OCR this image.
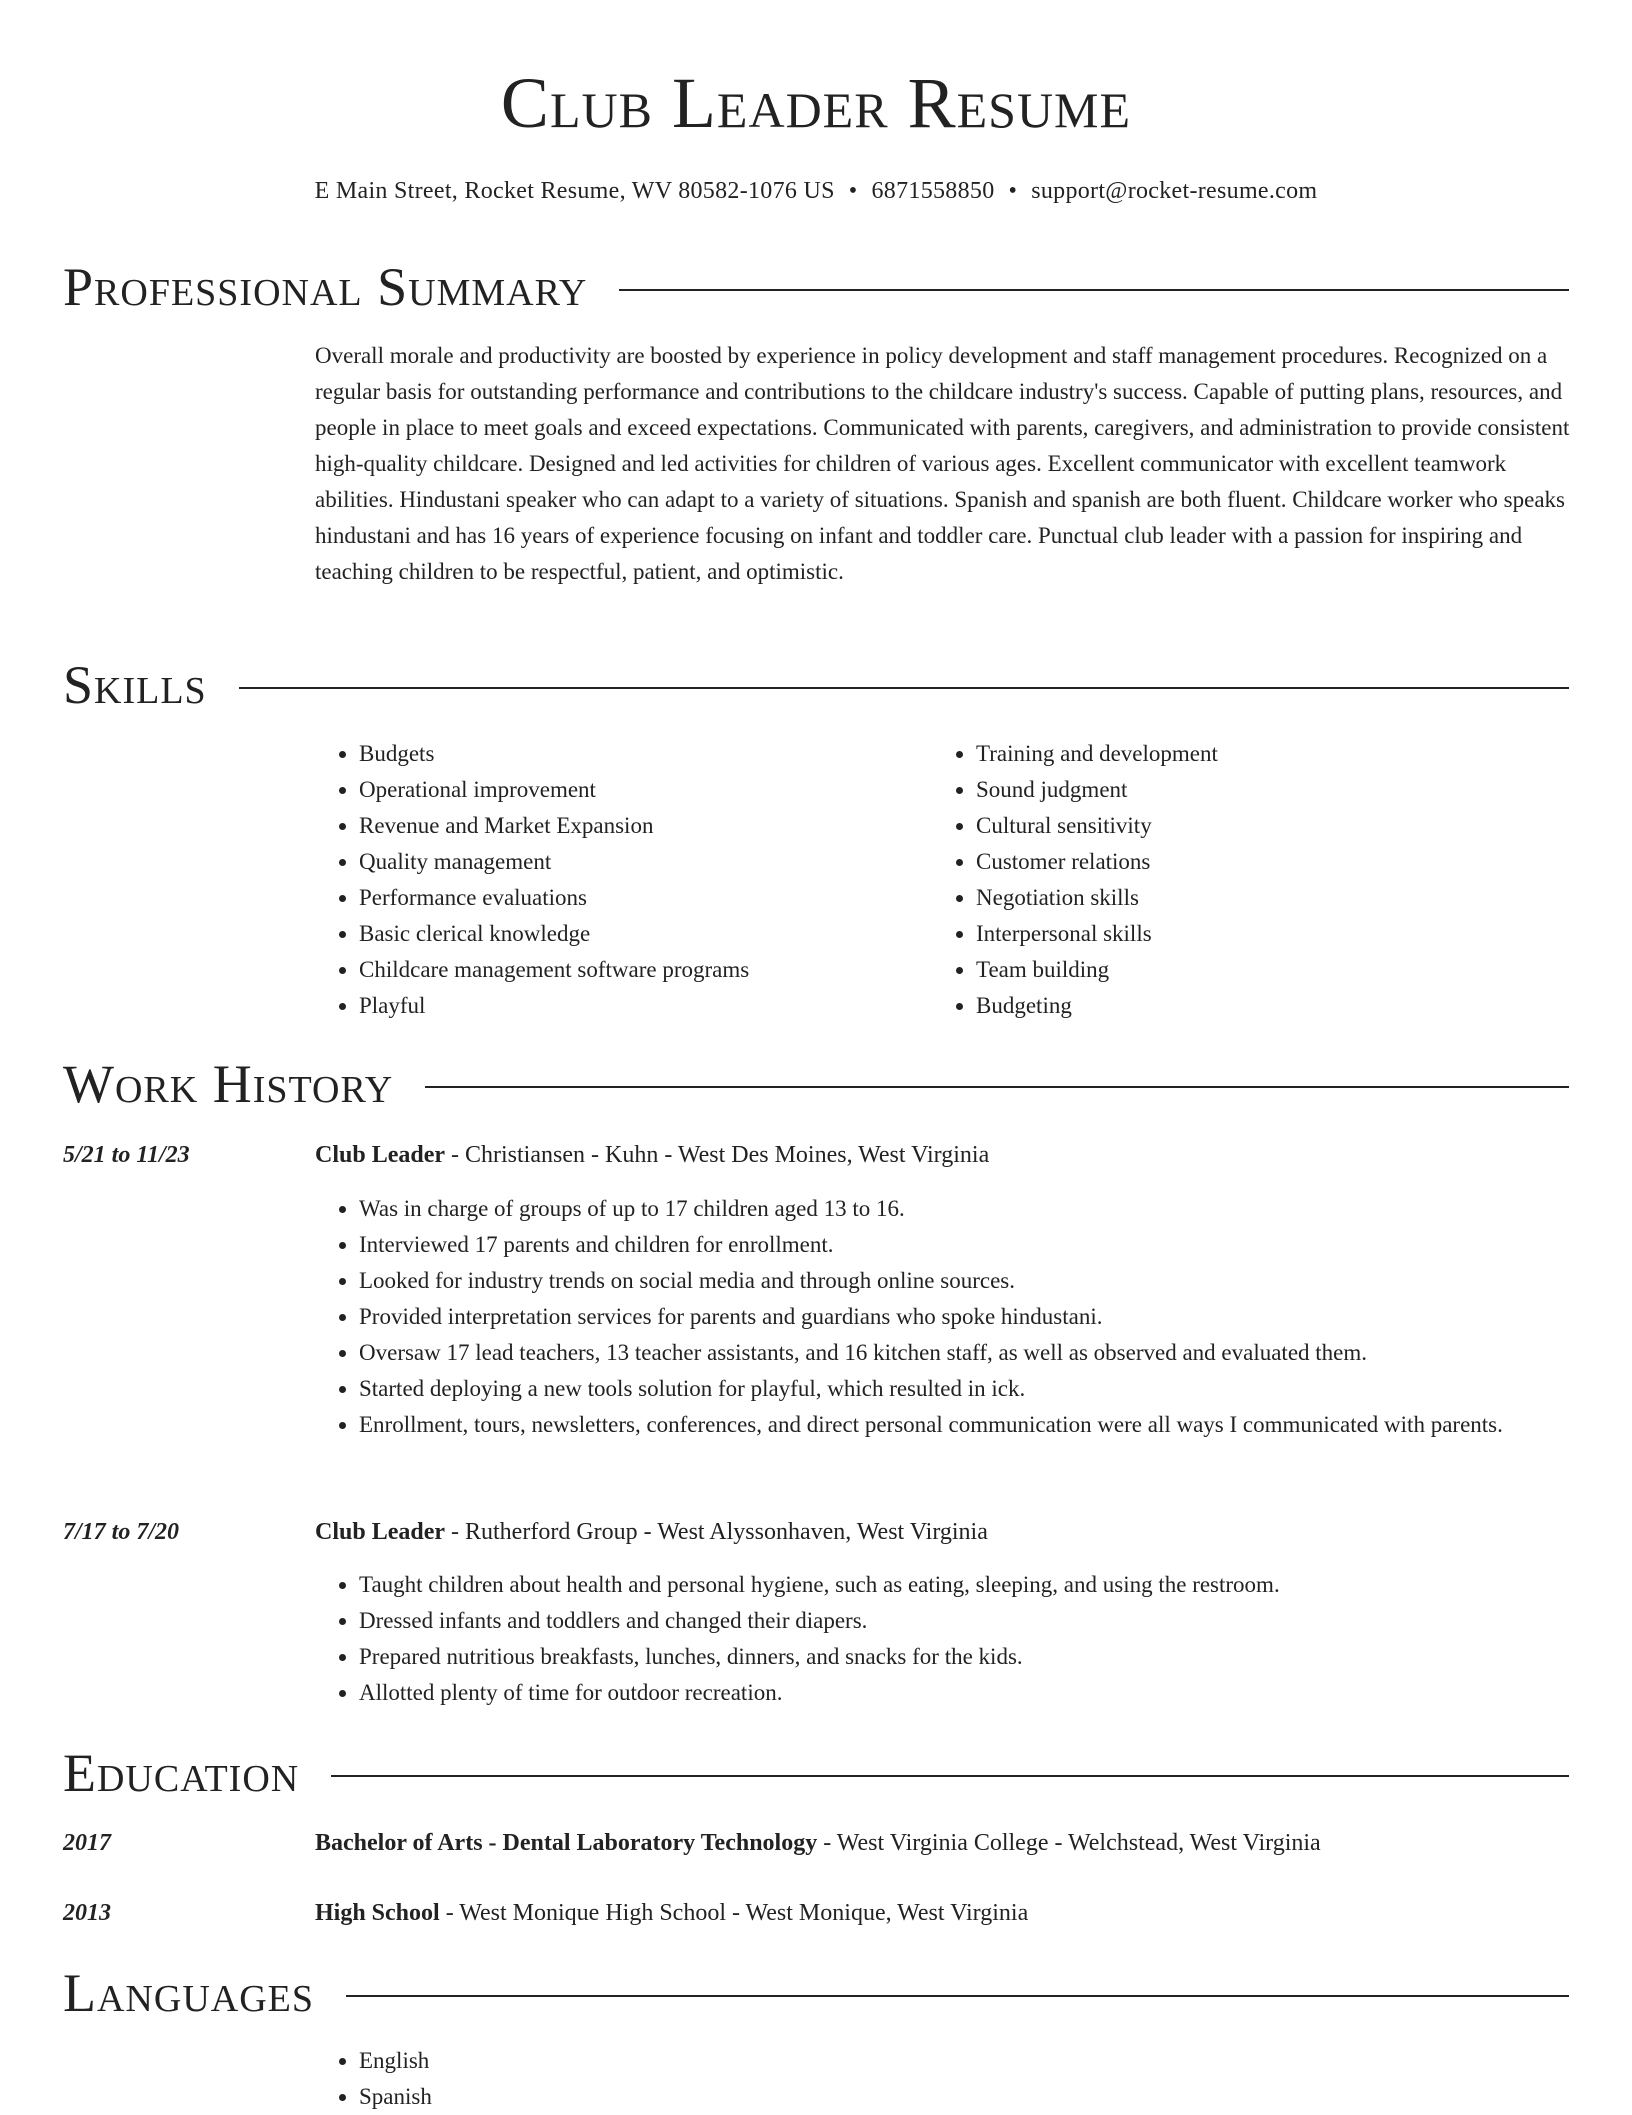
Club Leader Resume
E Main Street, Rocket Resume, WV 80582-1076 US • 6871558850 • support@rocket-resume.com
Professional Summary

Overall morale and productivity are boosted by experience in policy development and staff management procedures. Recognized on a regular basis for outstanding performance and contributions to the childcare industry's success. Capable of putting plans, resources, and people in place to meet goals and exceed expectations. Communicated with parents, caregivers, and administration to provide consistent high-quality childcare. Designed and led activities for children of various ages. Excellent communicator with excellent teamwork abilities. Hindustani speaker who can adapt to a variety of situations. Spanish and spanish are both fluent. Childcare worker who speaks hindustani and has 16 years of experience focusing on infant and toddler care. Punctual club leader with a passion for inspiring and teaching children to be respectful, patient, and optimistic.

Skills
• Budgets
• Operational improvement
• Revenue and Market Expansion
• Quality management
• Performance evaluations
• Basic clerical knowledge
• Childcare management software programs
• Playful
• Training and development
• Sound judgment
• Cultural sensitivity
• Customer relations
• Negotiation skills
• Interpersonal skills
• Team building
• Budgeting
Work History
5/21 to 11/23	Club Leader - Christiansen - Kuhn - West Des Moines, West Virginia
• Was in charge of groups of up to 17 children aged 13 to 16.
• Interviewed 17 parents and children for enrollment.
• Looked for industry trends on social media and through online sources.
• Provided interpretation services for parents and guardians who spoke hindustani.
• Oversaw 17 lead teachers, 13 teacher assistants, and 16 kitchen staff, as well as observed and evaluated them.
• Started deploying a new tools solution for playful, which resulted in ick.
• Enrollment, tours, newsletters, conferences, and direct personal communication were all ways I communicated with parents.
7/17 to 7/20	Club Leader - Rutherford Group - West Alyssonhaven, West Virginia
• Taught children about health and personal hygiene, such as eating, sleeping, and using the restroom.
• Dressed infants and toddlers and changed their diapers.
• Prepared nutritious breakfasts, lunches, dinners, and snacks for the kids.
• Allotted plenty of time for outdoor recreation.
Education
2017	Bachelor of Arts - Dental Laboratory Technology - West Virginia College - Welchstead, West Virginia
2013	High School - West Monique High School - West Monique, West Virginia
Languages
• English
• Spanish
